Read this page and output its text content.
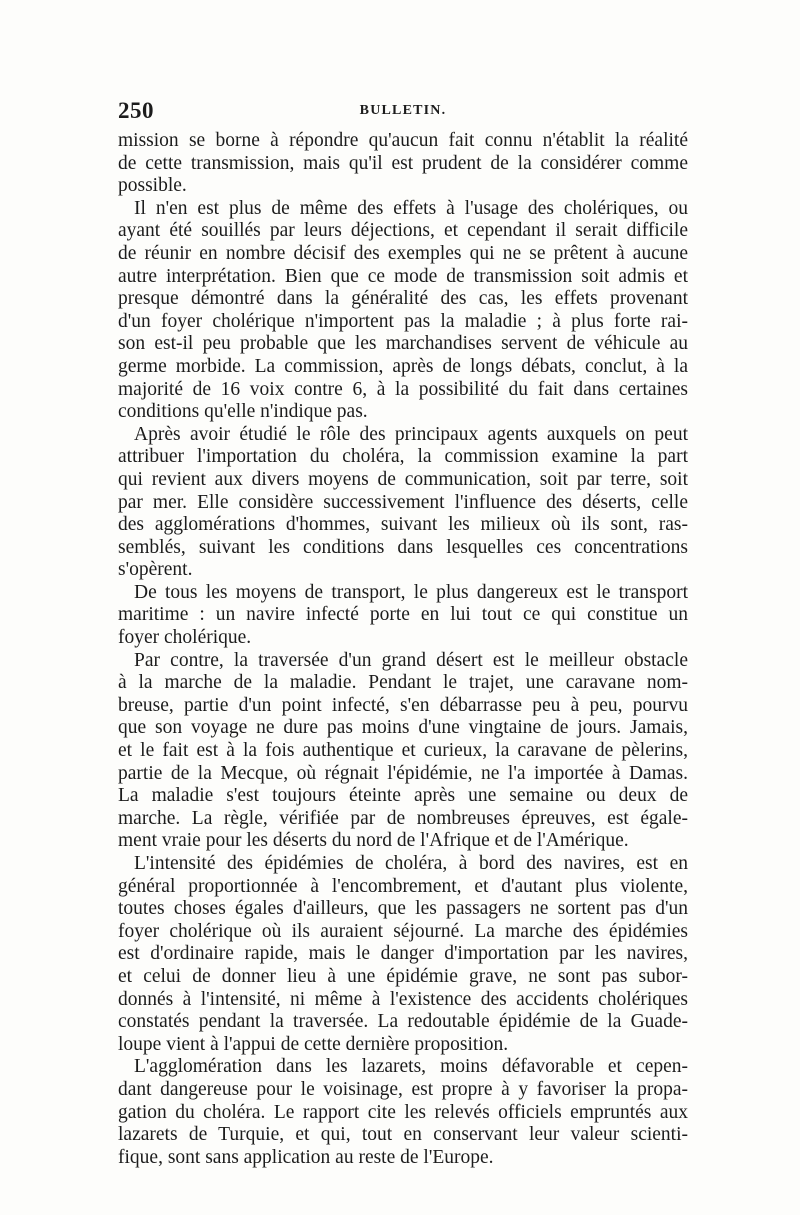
250	BULLETIN.
mission se borne à répondre qu'aucun fait connu n'établit la réalité
de cette transmission, mais qu'il est prudent de la considérer comme
possible.
Il n'en est plus de même des effets à l'usage des cholériques, ou
ayant été souillés par leurs déjections, et cependant il serait difficile
de réunir en nombre décisif des exemples qui ne se prêtent à aucune
autre interprétation. Bien que ce mode de transmission soit admis et
presque démontré dans la généralité des cas, les effets provenant
d'un foyer cholérique n'importent pas la maladie ; à plus forte rai-
son est-il peu probable que les marchandises servent de véhicule au
germe morbide. La commission, après de longs débats, conclut, à la
majorité de 16 voix contre 6, à la possibilité du fait dans certaines
conditions qu'elle n'indique pas.
Après avoir étudié le rôle des principaux agents auxquels on peut
attribuer l'importation du choléra, la commission examine la part
qui revient aux divers moyens de communication, soit par terre, soit
par mer. Elle considère successivement l'influence des déserts, celle
des agglomérations d'hommes, suivant les milieux où ils sont, ras-
semblés, suivant les conditions dans lesquelles ces concentrations
s'opèrent.
De tous les moyens de transport, le plus dangereux est le transport
maritime : un navire infecté porte en lui tout ce qui constitue un
foyer cholérique.
Par contre, la traversée d'un grand désert est le meilleur obstacle
à la marche de la maladie. Pendant le trajet, une caravane nom-
breuse, partie d'un point infecté, s'en débarrasse peu à peu, pourvu
que son voyage ne dure pas moins d'une vingtaine de jours. Jamais,
et le fait est à la fois authentique et curieux, la caravane de pèlerins,
partie de la Mecque, où régnait l'épidémie, ne l'a importée à Damas.
La maladie s'est toujours éteinte après une semaine ou deux de
marche. La règle, vérifiée par de nombreuses épreuves, est égale-
ment vraie pour les déserts du nord de l'Afrique et de l'Amérique.
L'intensité des épidémies de choléra, à bord des navires, est en
général proportionnée à l'encombrement, et d'autant plus violente,
toutes choses égales d'ailleurs, que les passagers ne sortent pas d'un
foyer cholérique où ils auraient séjourné. La marche des épidémies
est d'ordinaire rapide, mais le danger d'importation par les navires,
et celui de donner lieu à une épidémie grave, ne sont pas subor-
donnés à l'intensité, ni même à l'existence des accidents cholériques
constatés pendant la traversée. La redoutable épidémie de la Guade-
loupe vient à l'appui de cette dernière proposition.
L'agglomération dans les lazarets, moins défavorable et cepen-
dant dangereuse pour le voisinage, est propre à y favoriser la propa-
gation du choléra. Le rapport cite les relevés officiels empruntés aux
lazarets de Turquie, et qui, tout en conservant leur valeur scienti-
fique, sont sans application au reste de l'Europe.
